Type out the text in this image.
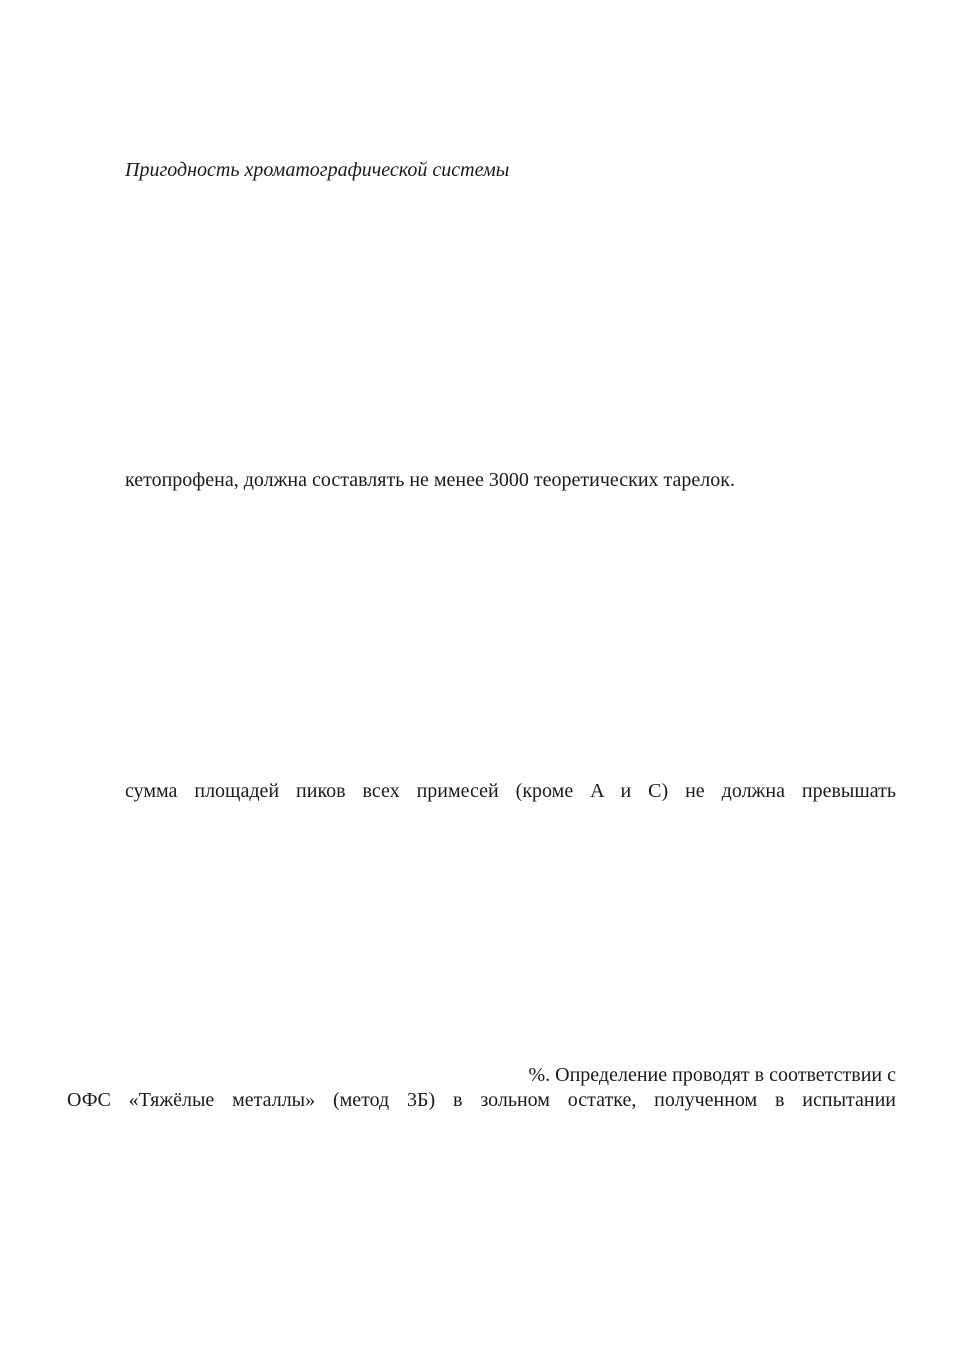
Пригодность хроматографической системы
кетопрофена, должна составлять не менее 3000 теоретических тарелок.
сумма площадей пиков всех примесей (кроме A и C) не должна превышать
%. Определение проводят в соответствии с
ОФС «Тяжёлые металлы» (метод 3Б) в зольном остатке, полученном в испытании
